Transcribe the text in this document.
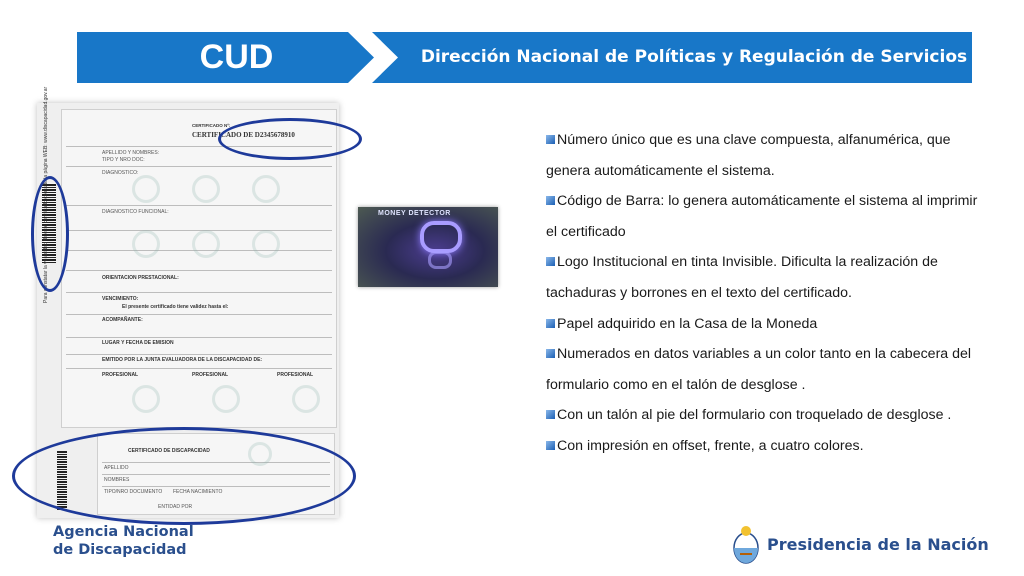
CUD	Dirección Nacional de Políticas y Regulación de Servicios
CERTIFICADO Nº:
CERTIFICADO DE D2345678910
APELLIDO Y NOMBRES:
TIPO Y NRO DOC:
DIAGNOSTICO:
DIAGNOSTICO FUNCIONAL:
ORIENTACION PRESTACIONAL:
VENCIMIENTO:
El presente certificado tiene validez hasta el:
ACOMPAÑANTE:
LUGAR Y FECHA DE EMISION
EMITIDO POR LA JUNTA EVALUADORA DE LA DISCAPACIDAD DE:
PROFESIONAL	PROFESIONAL	PROFESIONAL
Para constatar la veracidad de este certificado consulte la página WEB: www.discapacidad.gov.ar
CERTIFICADO DE DISCAPACIDAD
APELLIDO
NOMBRES
TIPO/NRO DOCUMENTO FECHA NACIMIENTO
ENTIDAD POR
MONEY DETECTOR
Número único que es una clave compuesta, alfanumérica, que genera automáticamente el sistema.
Código de Barra: lo genera automáticamente el sistema al imprimir el certificado
Logo Institucional en tinta Invisible. Dificulta la realización de tachaduras y borrones en el texto del certificado.
Papel adquirido en la Casa de la Moneda
Numerados en datos variables a un color tanto en la cabecera del formulario como en el talón de desglose .
Con un talón al pie del formulario con troquelado de desglose .
Con impresión en offset, frente, a cuatro colores.
Agencia Nacional
de Discapacidad	Presidencia de la Nación
